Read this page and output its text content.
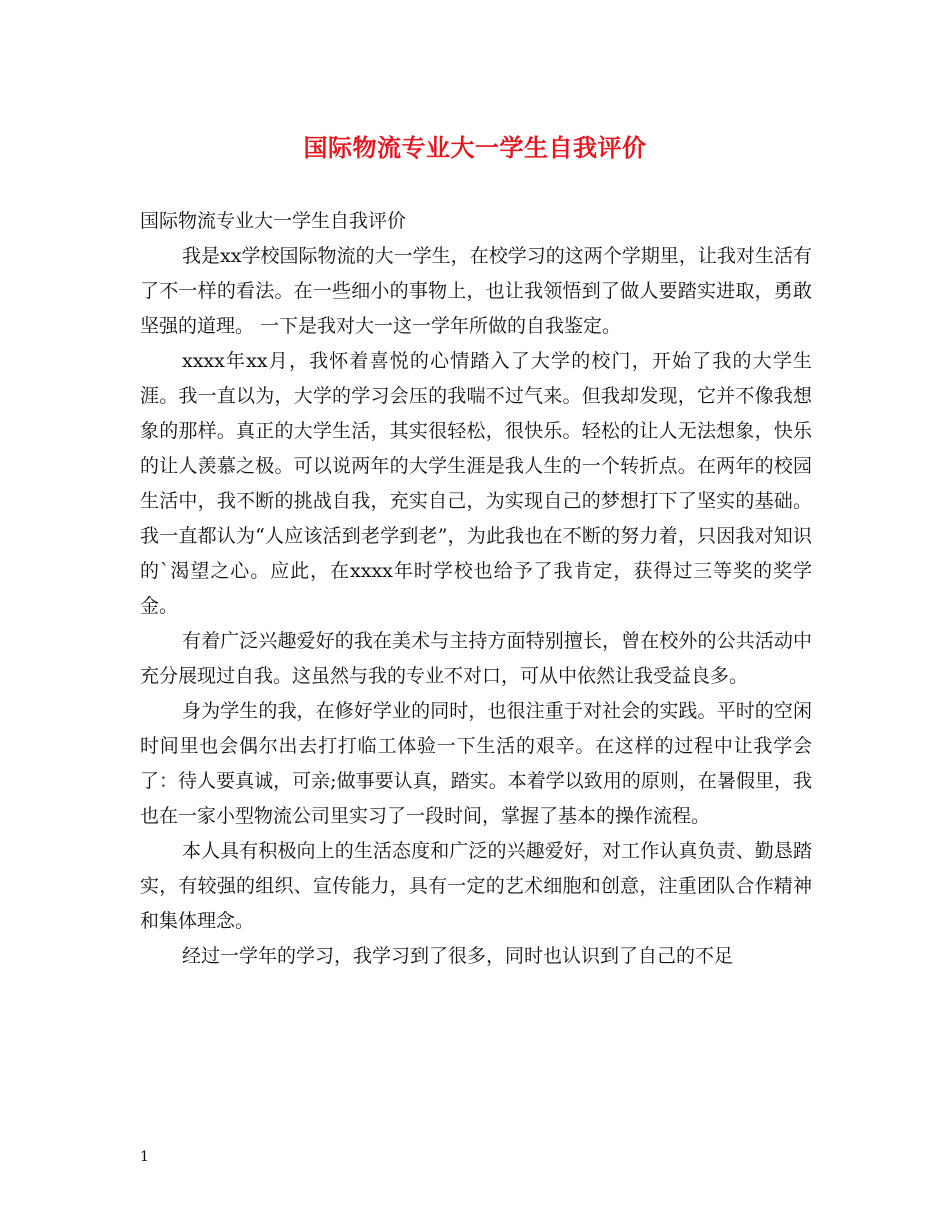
国际物流专业大一学生自我评价

国际物流专业大一学生自我评价

我是xx学校国际物流的大一学生，在校学习的这两个学期里，让我对生活有了不一样的看法。在一些细小的事物上，也让我领悟到了做人要踏实进取，勇敢坚强的道理。 一下是我对大一这一学年所做的自我鉴定。

xxxx年xx月，我怀着喜悦的心情踏入了大学的校门，开始了我的大学生涯。我一直以为，大学的学习会压的我喘不过气来。但我却发现，它并不像我想象的那样。真正的大学生活，其实很轻松，很快乐。轻松的让人无法想象，快乐的让人羡慕之极。可以说两年的大学生涯是我人生的一个转折点。在两年的校园生活中，我不断的挑战自我，充实自己，为实现自己的梦想打下了坚实的基础。我一直都认为“人应该活到老学到老”，为此我也在不断的努力着，只因我对知识的`渴望之心。应此，在xxxx年时学校也给予了我肯定，获得过三等奖的奖学金。

有着广泛兴趣爱好的我在美术与主持方面特别擅长，曾在校外的公共活动中充分展现过自我。这虽然与我的专业不对口，可从中依然让我受益良多。

身为学生的我，在修好学业的同时，也很注重于对社会的实践。平时的空闲时间里也会偶尔出去打打临工体验一下生活的艰辛。在这样的过程中让我学会了：待人要真诚，可亲;做事要认真，踏实。本着学以致用的原则，在暑假里，我也在一家小型物流公司里实习了一段时间，掌握了基本的操作流程。

本人具有积极向上的生活态度和广泛的兴趣爱好，对工作认真负责、勤恳踏实，有较强的组织、宣传能力，具有一定的艺术细胞和创意，注重团队合作精神和集体理念。

经过一学年的学习，我学习到了很多，同时也认识到了自己的不足

1
